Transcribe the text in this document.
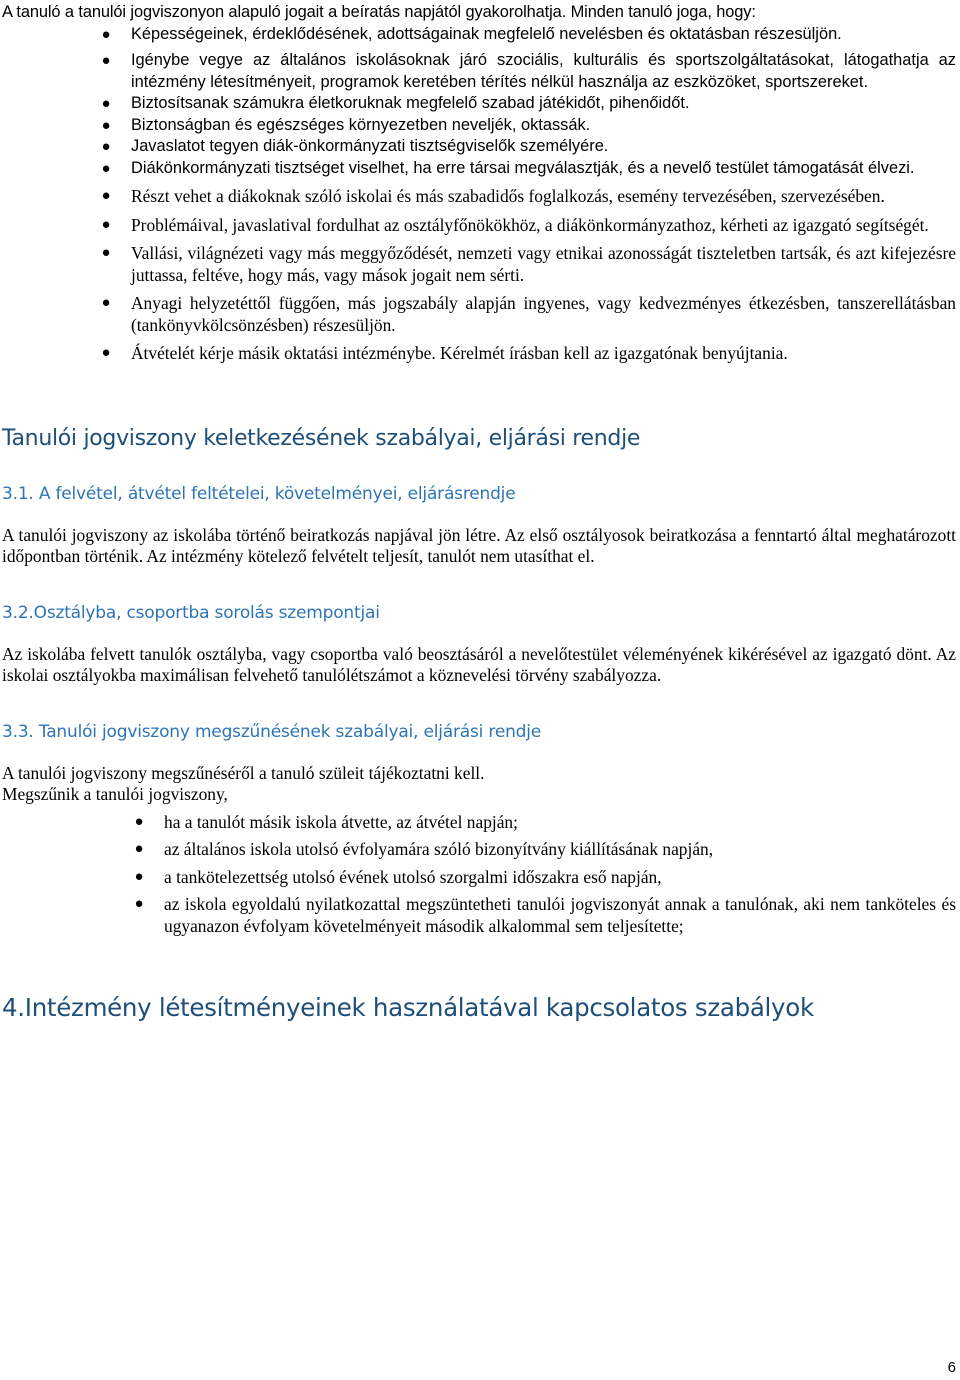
A tanuló a tanulói jogviszonyon alapuló jogait a beíratás napjától gyakorolhatja. Minden tanuló joga, hogy:

● Képességeinek, érdeklődésének, adottságainak megfelelő nevelésben és oktatásban részesüljön.
● Igénybe vegye az általános iskolásoknak járó szociális, kulturális és sportszolgáltatásokat, látogathatja az intézmény létesítményeit, programok keretében térítés nélkül használja az eszközöket, sportszereket.
● Biztosítsanak számukra életkoruknak megfelelő szabad játékidőt, pihenőidőt.
● Biztonságban és egészséges környezetben neveljék, oktassák.
● Javaslatot tegyen diák-önkormányzati tisztségviselők személyére.
● Diákönkormányzati tisztséget viselhet, ha erre társai megválasztják, és a nevelő testület támogatását élvezi.
● Részt vehet a diákoknak szóló iskolai és más szabadidős foglalkozás, esemény tervezésében, szervezésében.
● Problémáival, javaslatival fordulhat az osztályfőnökökhöz, a diákönkormányzathoz, kérheti az igazgató segítségét.
● Vallási, világnézeti vagy más meggyőződését, nemzeti vagy etnikai azonosságát tiszteletben tartsák, és azt kifejezésre juttassa, feltéve, hogy más, vagy mások jogait nem sérti.
● Anyagi helyzetéttől függően, más jogszabály alapján ingyenes, vagy kedvezményes étkezésben, tanszerellátásban (tankönyvkölcsönzésben) részesüljön.
● Átvételét kérje másik oktatási intézménybe. Kérelmét írásban kell az igazgatónak benyújtania.
Tanulói jogviszony keletkezésének szabályai, eljárási rendje
3.1. A felvétel, átvétel feltételei, követelményei, eljárásrendje

A tanulói jogviszony az iskolába történő beiratkozás napjával jön létre. Az első osztályosok beiratkozása a fenntartó által meghatározott időpontban történik. Az intézmény kötelező felvételt teljesít, tanulót nem utasíthat el.

3.2.Osztályba, csoportba sorolás szempontjai

Az iskolába felvett tanulók osztályba, vagy csoportba való beosztásáról a nevelőtestület véleményének kikérésével az igazgató dönt. Az iskolai osztályokba maximálisan felvehető tanulólétszámot a köznevelési törvény szabályozza.

3.3. Tanulói jogviszony megszűnésének szabályai, eljárási rendje

A tanulói jogviszony megszűnéséről a tanuló szüleit tájékoztatni kell.

Megszűnik a tanulói jogviszony,

● ha a tanulót másik iskola átvette, az átvétel napján;
● az általános iskola utolsó évfolyamára szóló bizonyítvány kiállításának napján,
● a tankötelezettség utolsó évének utolsó szorgalmi időszakra eső napján,
● az iskola egyoldalú nyilatkozattal megszüntetheti tanulói jogviszonyát annak a tanulónak, aki nem tanköteles és ugyanazon évfolyam követelményeit második alkalommal sem teljesítette;
4.Intézmény létesítményeinek használatával kapcsolatos szabályok
6
